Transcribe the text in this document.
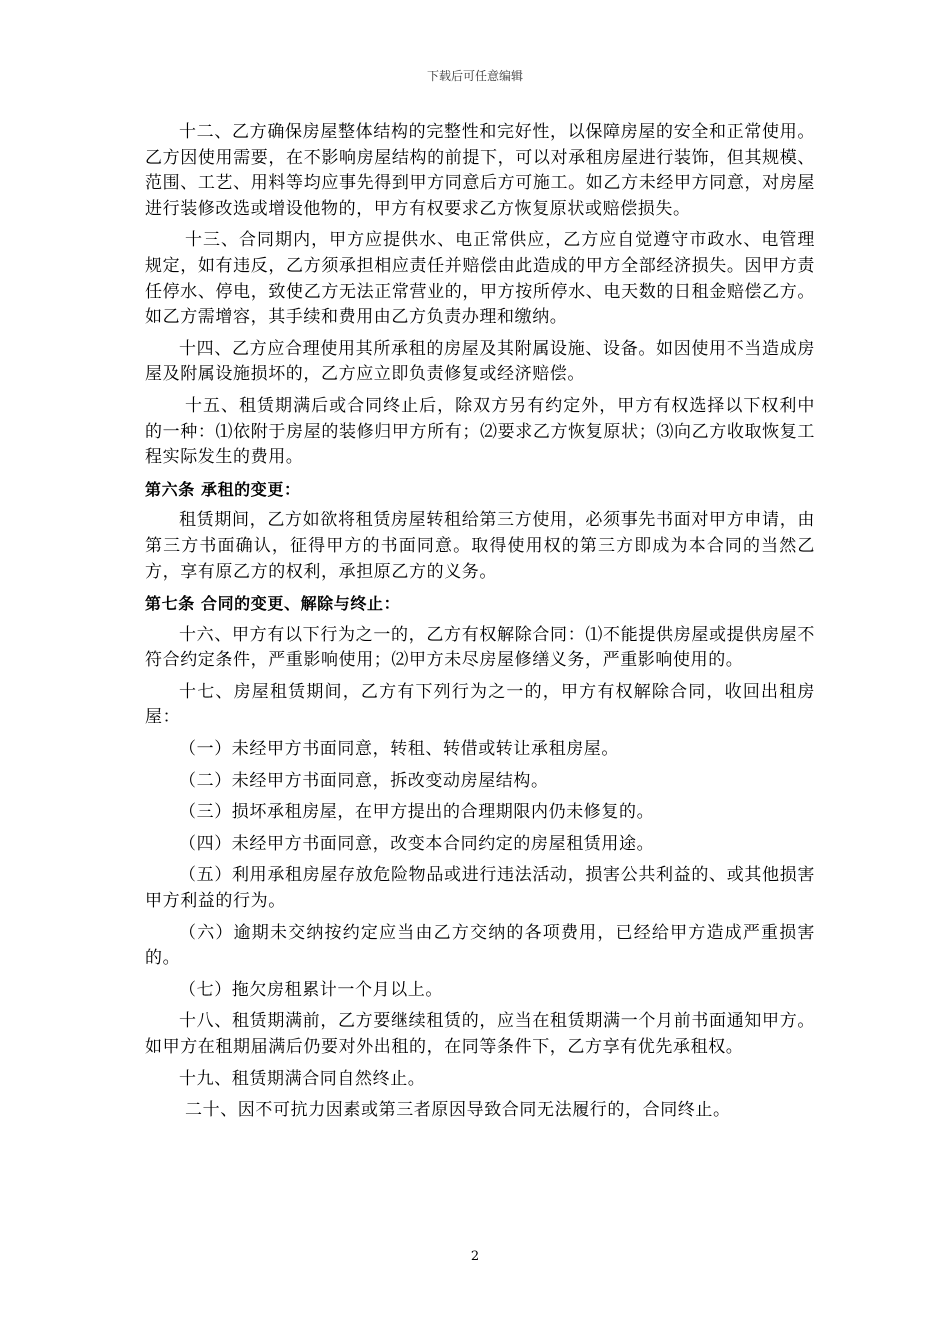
下载后可任意编辑

十二、乙方确保房屋整体结构的完整性和完好性，以保障房屋的安全和正常使用。乙方因使用需要，在不影响房屋结构的前提下，可以对承租房屋进行装饰，但其规模、范围、工艺、用料等均应事先得到甲方同意后方可施工。如乙方未经甲方同意，对房屋进行装修改选或增设他物的，甲方有权要求乙方恢复原状或赔偿损失。

十三、合同期内，甲方应提供水、电正常供应，乙方应自觉遵守市政水、电管理规定，如有违反，乙方须承担相应责任并赔偿由此造成的甲方全部经济损失。因甲方责任停水、停电，致使乙方无法正常营业的，甲方按所停水、电天数的日租金赔偿乙方。如乙方需增容，其手续和费用由乙方负责办理和缴纳。

十四、乙方应合理使用其所承租的房屋及其附属设施、设备。如因使用不当造成房屋及附属设施损坏的，乙方应立即负责修复或经济赔偿。

十五、租赁期满后或合同终止后，除双方另有约定外，甲方有权选择以下权利中的一种：⑴依附于房屋的装修归甲方所有；⑵要求乙方恢复原状；⑶向乙方收取恢复工程实际发生的费用。

第六条 承租的变更：

租赁期间，乙方如欲将租赁房屋转租给第三方使用，必须事先书面对甲方申请，由第三方书面确认，征得甲方的书面同意。取得使用权的第三方即成为本合同的当然乙方，享有原乙方的权利，承担原乙方的义务。

第七条 合同的变更、解除与终止：

十六、甲方有以下行为之一的，乙方有权解除合同：⑴不能提供房屋或提供房屋不符合约定条件，严重影响使用；⑵甲方未尽房屋修缮义务，严重影响使用的。

十七、房屋租赁期间，乙方有下列行为之一的，甲方有权解除合同，收回出租房屋：

（一）未经甲方书面同意，转租、转借或转让承租房屋。

（二）未经甲方书面同意，拆改变动房屋结构。

（三）损坏承租房屋，在甲方提出的合理期限内仍未修复的。

（四）未经甲方书面同意，改变本合同约定的房屋租赁用途。

（五）利用承租房屋存放危险物品或进行违法活动，损害公共利益的、或其他损害甲方利益的行为。

（六）逾期未交纳按约定应当由乙方交纳的各项费用，已经给甲方造成严重损害的。

（七）拖欠房租累计一个月以上。

十八、租赁期满前，乙方要继续租赁的，应当在租赁期满一个月前书面通知甲方。如甲方在租期届满后仍要对外出租的，在同等条件下，乙方享有优先承租权。

十九、租赁期满合同自然终止。

二十、因不可抗力因素或第三者原因导致合同无法履行的，合同终止。

2
